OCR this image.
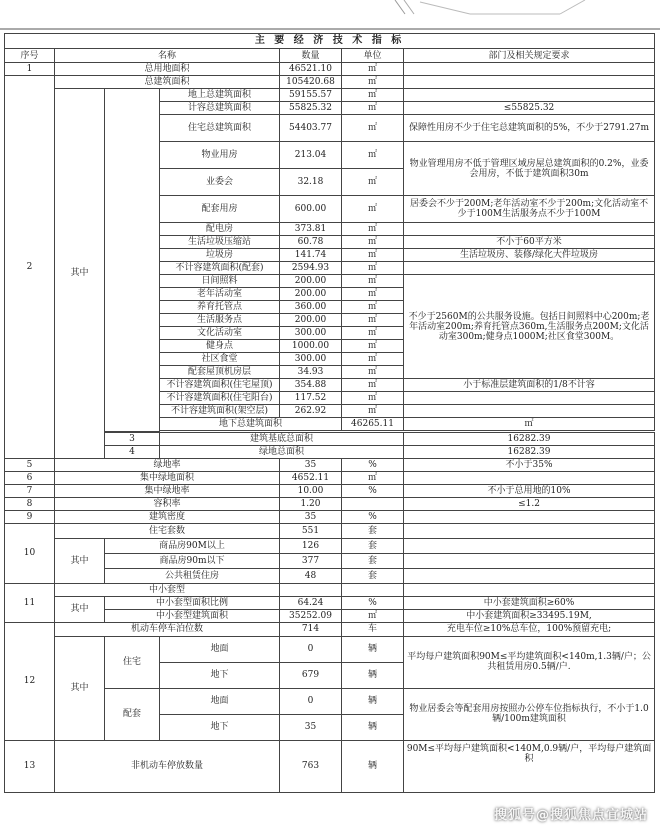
主 要 经 济 技 术 指 标							
序号	名称			数量	单位	部门及相关规定要求	
1	总用地面积			46521.10	㎡		
2	总建筑面积			105420.68	㎡		
	其中		地上总建筑面积	59155.57	㎡		
			计容总建筑面积	55825.32	㎡	≤55825.32	
			住宅总建筑面积	54403.77	㎡	保障性用房不少于住宅总建筑面积的5%，不少于2791.27m	
			物业用房	213.04	㎡	物业管理用房不低于管理区域房屋总建筑面积的0.2%，业委会用房，不低于建筑面积30m	
			业委会	32.18	㎡		
			配套用房	600.00	㎡	居委会不少于200M;老年活动室不少于200m;文化活动室不少于100M生活服务点不少于100M	
			配电房	373.81	㎡		
			生活垃圾压缩站	60.78	㎡	不小于60平方米	
			垃圾房	141.74	㎡	生活垃圾房、装修/绿化大件垃圾房	
			不计容建筑面积(配套)	2594.93	㎡		
			日间照料	200.00	㎡	不少于2560M的公共服务设施。包括日间照料中心200m;老年活动室200m;养育托管点360m,生活服务点200M;文化活动室300m;健身点1000M;社区食堂300M。	
			老年活动室	200.00	㎡		
			养育托管点	360.00	㎡		
			生活服务点	200.00	㎡		
			文化活动室	300.00	㎡		
			健身点	1000.00	㎡		
			社区食堂	300.00	㎡		
			配套屋顶机房层	34.93	㎡		
			不计容建筑面积(住宅屋顶)	354.88	㎡	小于标准层建筑面积的1/8不计容	
			不计容建筑面积(住宅阳台)	117.52	㎡		
			不计容建筑面积(架空层)	262.92	㎡		
			地下总建筑面积		46265.11	㎡	

		3	建筑基底总面积			16282.39		
		4	绿地总面积			16282.39		
5	绿地率			35	%	不小于35%	
6	集中绿地面积			4652.11	㎡		
7	集中绿地率			10.00	%	不小于总用地的10%	
8	容积率			1.20		≤1.2	
9	建筑密度			35	%		
10	住宅套数			551	套		
	其中	商品房90M以上		126	套		
		商品房90m以下		377	套		
		公共租赁住房		48	套		
11	中小套型						
	其中	中小套型面积比例		64.24	%	中小套建筑面积≥60%	
		中小套型建筑面积		35252.09	㎡	中小套建筑面积≥33495.19M,	
12	机动车停车泊位数			714	车	充电车位≥10%总车位，100%预留充电;	
	其中	住宅	地面	0	辆	平均每户建筑面积90M≤平均建筑面积<140m,1.3辆/户；公共租赁用房0.5辆/户.	
			地下	679	辆		
		配套	地面	0	辆	物业居委会等配套用房按照办公停车位指标执行，不小于1.0辆/100m建筑面积	
			地下	35	辆		
13	非机动车停放数量			763	辆	90M≤平均每户建筑面积<140M,0.9辆/户，平均每户建筑面积	
搜狐号@搜狐焦点宜城站
